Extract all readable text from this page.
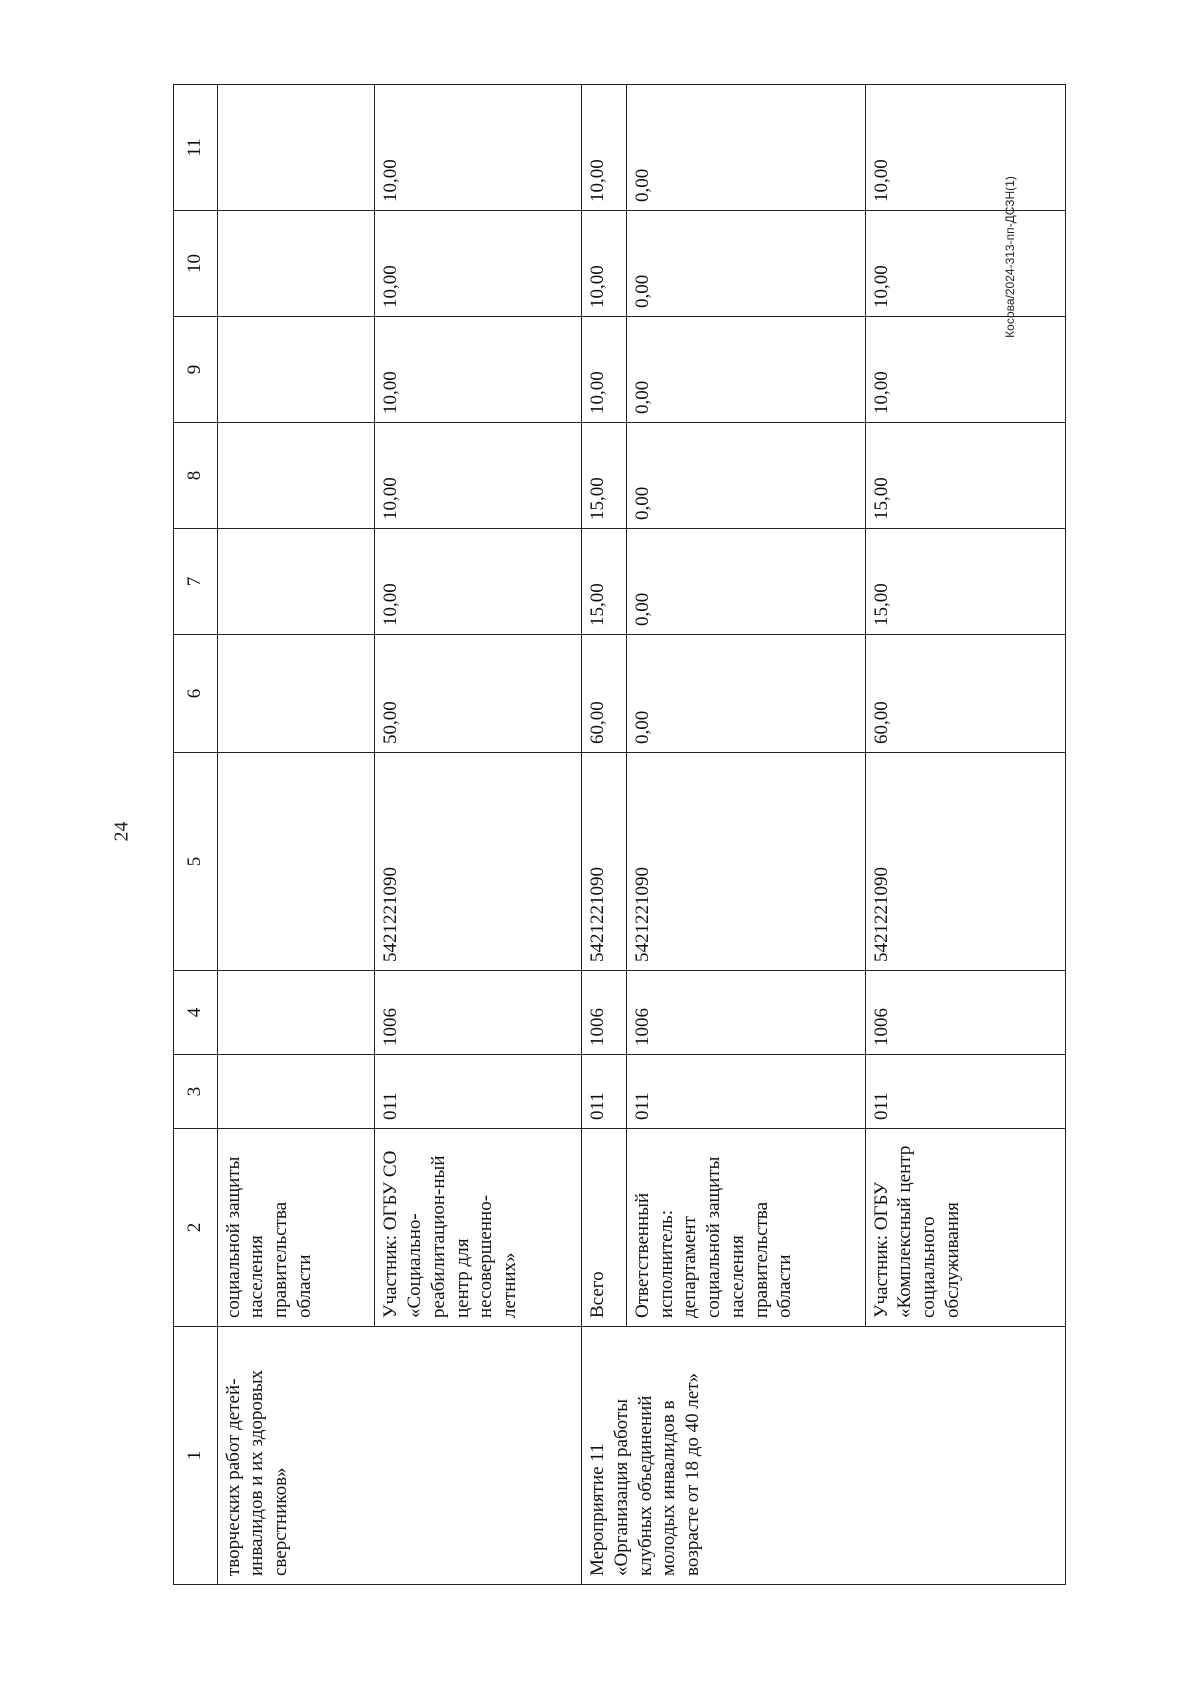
24
Косова/2024-313-пп-ДСЗН(1)
1	2	3	4	5	6	7	8	9	10	11
творческих работ детей-инвалидов и их здоровых сверстников»	социальной защиты населения правительства области									
	Участник: ОГБУ СО «Социально-реабилитацион-ный центр для несовершенно-летних»	011	1006	5421221090	50,00	10,00	10,00	10,00	10,00	10,00
Мероприятие 11 «Организация работы клубных объединений молодых инвалидов в возрасте от 18 до 40 лет»	Всего	011	1006	5421221090	60,00	15,00	15,00	10,00	10,00	10,00
	Ответственный исполнитель: департамент социальной защиты населения правительства области	011	1006	5421221090	0,00	0,00	0,00	0,00	0,00	0,00
	Участник: ОГБУ «Комплексный центр социального обслуживания	011	1006	5421221090	60,00	15,00	15,00	10,00	10,00	10,00
